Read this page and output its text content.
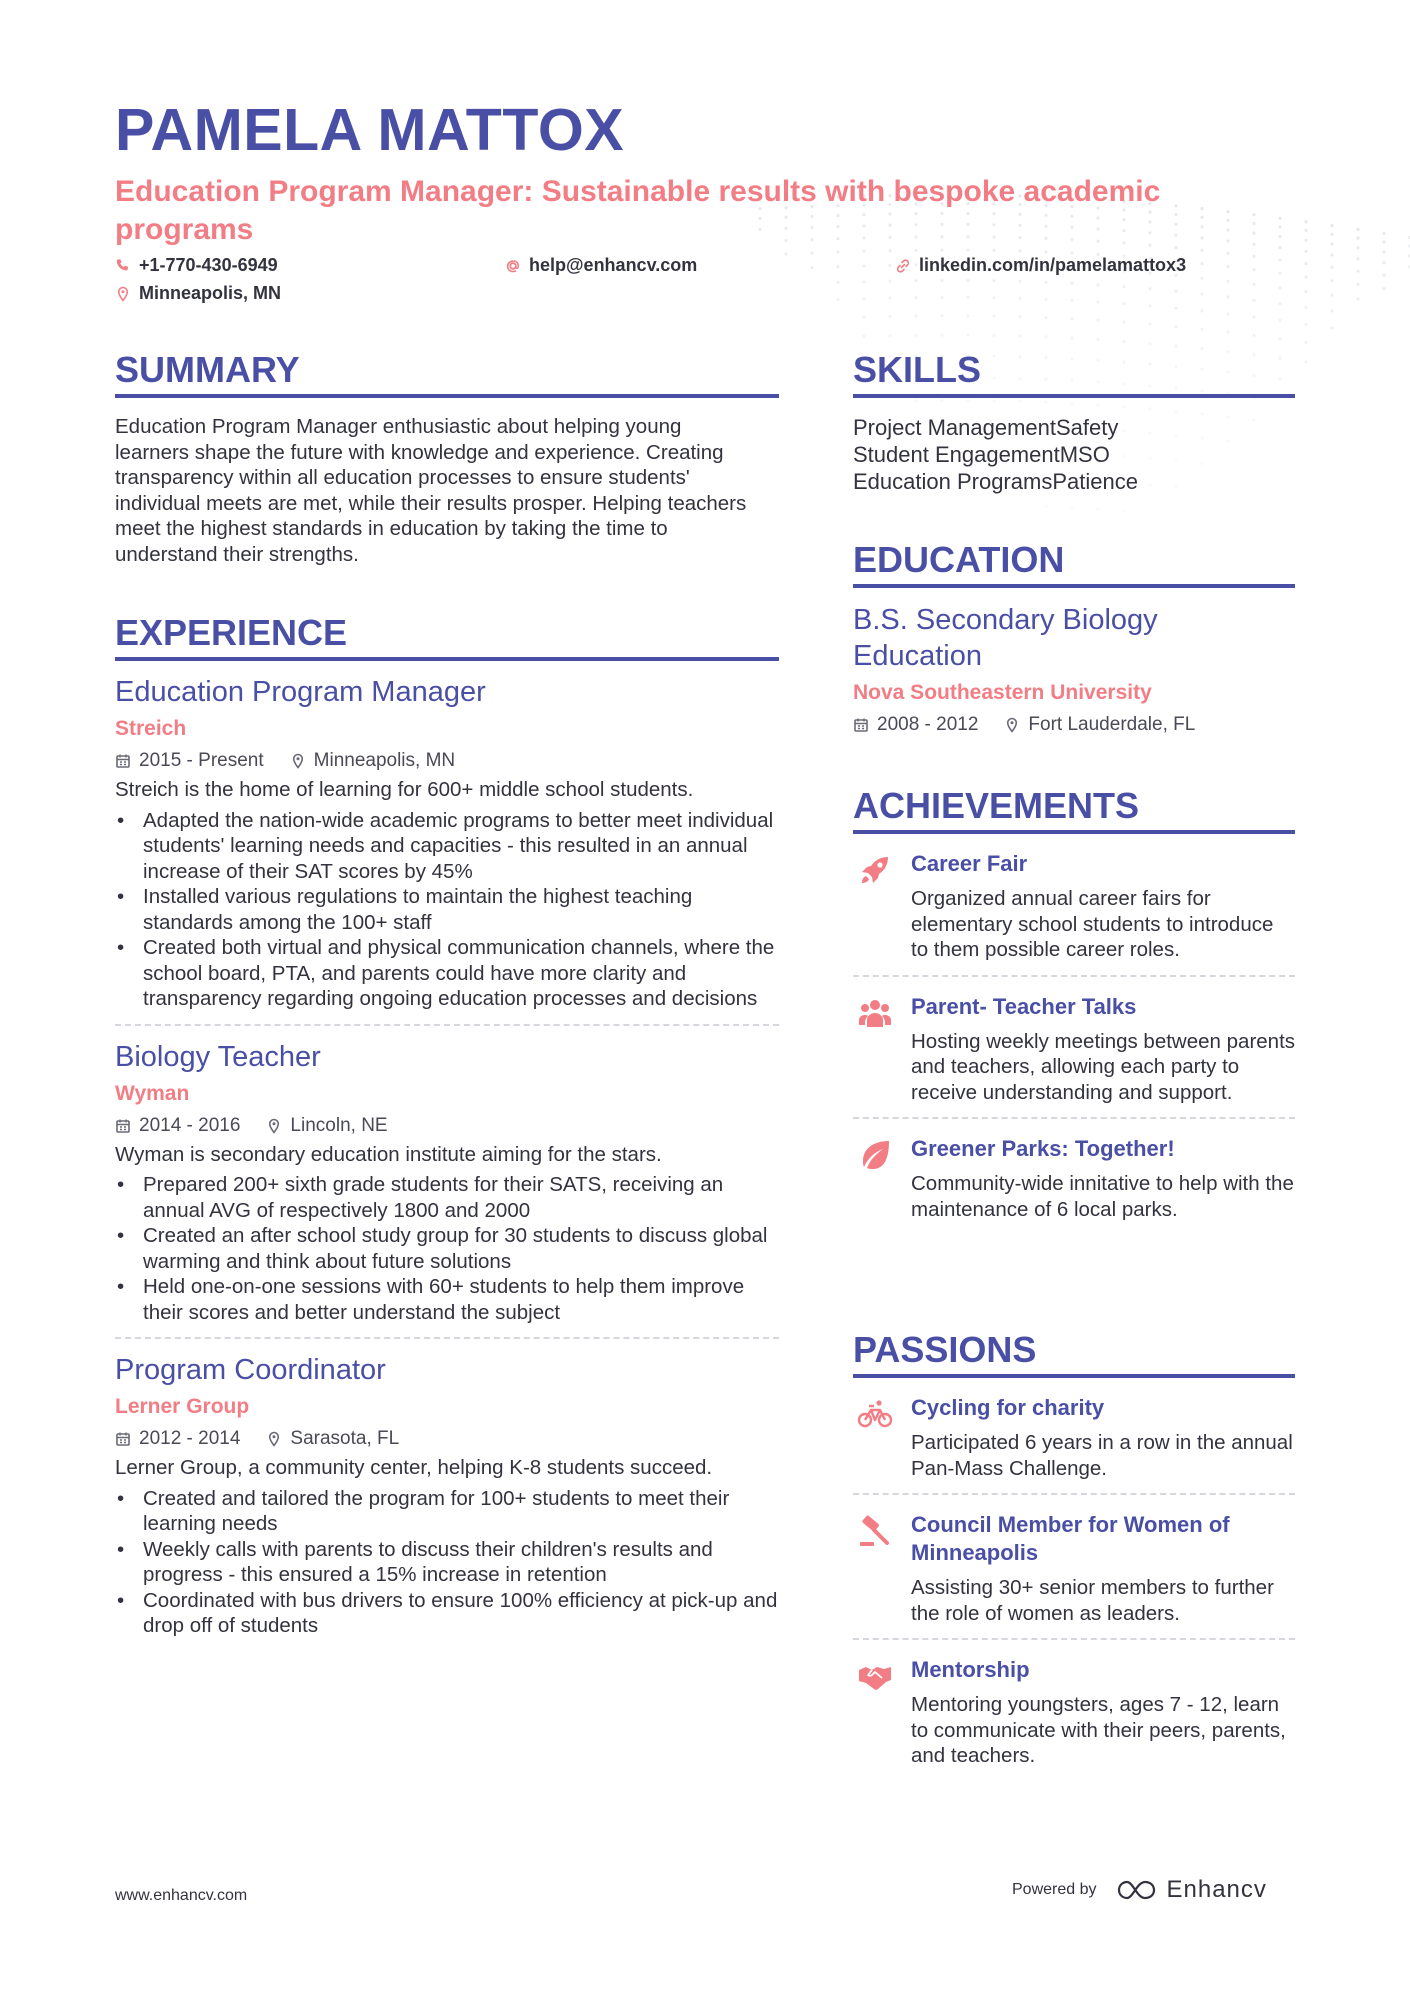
PAMELA MATTOX
Education Program Manager: Sustainable results with bespoke academic programs
+1-770-430-6949	help@enhancv.com	linkedin.com/in/pamelamattox3
Minneapolis, MN
SUMMARY
Education Program Manager enthusiastic about helping young learners shape the future with knowledge and experience. Creating transparency within all education processes to ensure students' individual meets are met, while their results prosper. Helping teachers meet the highest standards in education by taking the time to understand their strengths.
EXPERIENCE
Education Program Manager
Streich
2015 - Present	Minneapolis, MN
Streich is the home of learning for 600+ middle school students.
• Adapted the nation-wide academic programs to better meet individual students' learning needs and capacities - this resulted in an annual increase of their SAT scores by 45%
• Installed various regulations to maintain the highest teaching standards among the 100+ staff
• Created both virtual and physical communication channels, where the school board, PTA, and parents could have more clarity and transparency regarding ongoing education processes and decisions
Biology Teacher
Wyman
2014 - 2016	Lincoln, NE
Wyman is secondary education institute aiming for the stars.
• Prepared 200+ sixth grade students for their SATS, receiving an annual AVG of respectively 1800 and 2000
• Created an after school study group for 30 students to discuss global warming and think about future solutions
• Held one-on-one sessions with 60+ students to help them improve their scores and better understand the subject
Program Coordinator
Lerner Group
2012 - 2014	Sarasota, FL
Lerner Group, a community center, helping K-8 students succeed.
• Created and tailored the program for 100+ students to meet their learning needs
• Weekly calls with parents to discuss their children's results and progress - this ensured a 15% increase in retention
• Coordinated with bus drivers to ensure 100% efficiency at pick-up and drop off of students
SKILLS
Project ManagementSafety
Student EngagementMSO
Education ProgramsPatience
EDUCATION
B.S. Secondary Biology Education
Nova Southeastern University
2008 - 2012	Fort Lauderdale, FL
ACHIEVEMENTS
Career Fair
Organized annual career fairs for elementary school students to introduce to them possible career roles.
Parent- Teacher Talks
Hosting weekly meetings between parents and teachers, allowing each party to receive understanding and support.
Greener Parks: Together!
Community-wide innitative to help with the maintenance of 6 local parks.
PASSIONS
Cycling for charity
Participated 6 years in a row in the annual Pan-Mass Challenge.
Council Member for Women of Minneapolis
Assisting 30+ senior members to further the role of women as leaders.
Mentorship
Mentoring youngsters, ages 7 - 12, learn to communicate with their peers, parents, and teachers.
www.enhancv.com	Powered by	Enhancv
